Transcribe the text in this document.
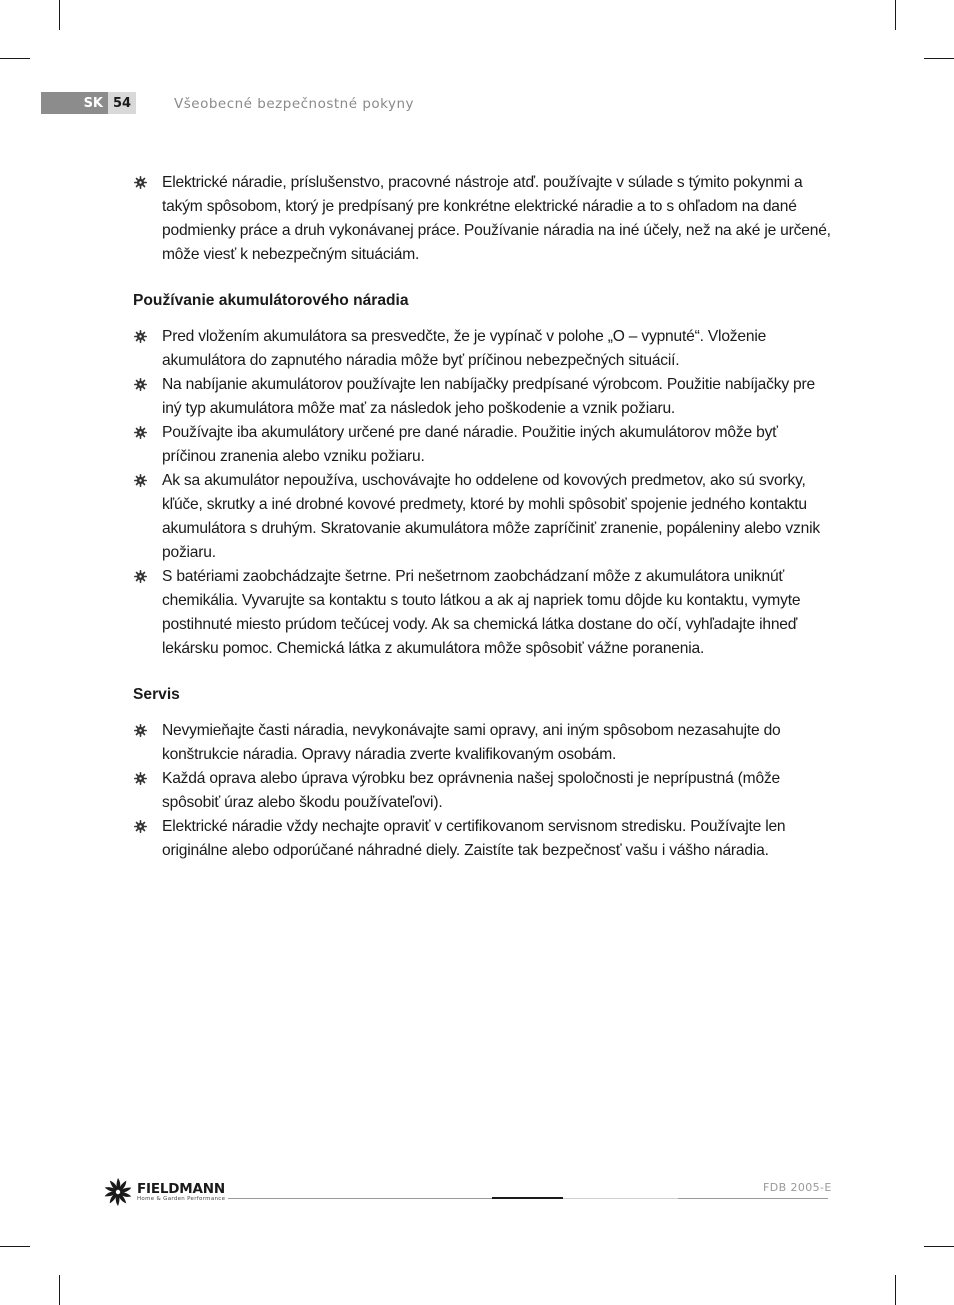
SK 54	Všeobecné bezpečnostné pokyny
Elektrické náradie, príslušenstvo, pracovné nástroje atď. používajte v súlade s týmito pokynmi a takým spôsobom, ktorý je predpísaný pre konkrétne elektrické náradie a to s ohľadom na dané podmienky práce a druh vykonávanej práce. Používanie náradia na iné účely, než na aké je určené, môže viesť k nebezpečným situáciám.
Používanie akumulátorového náradia
Pred vložením akumulátora sa presvedčte, že je vypínač v polohe „O – vypnuté“. Vloženie akumulátora do zapnutého náradia môže byť príčinou nebezpečných situácií.
Na nabíjanie akumulátorov používajte len nabíjačky predpísané výrobcom. Použitie nabíjačky pre iný typ akumulátora môže mať za následok jeho poškodenie a vznik požiaru.
Používajte iba akumulátory určené pre dané náradie. Použitie iných akumulátorov môže byť príčinou zranenia alebo vzniku požiaru.
Ak sa akumulátor nepoužíva, uschovávajte ho oddelene od kovových predmetov, ako sú svorky, kľúče, skrutky a iné drobné kovové predmety, ktoré by mohli spôsobiť spojenie jedného kontaktu akumulátora s druhým. Skratovanie akumulátora môže zapríčiniť zranenie, popáleniny alebo vznik požiaru.
S batériami zaobchádzajte šetrne. Pri nešetrnom zaobchádzaní môže z akumulátora uniknúť chemikália. Vyvarujte sa kontaktu s touto látkou a ak aj napriek tomu dôjde ku kontaktu, vymyte postihnuté miesto prúdom tečúcej vody. Ak sa chemická látka dostane do očí, vyhľadajte ihneď lekársku pomoc. Chemická látka z akumulátora môže spôsobiť vážne poranenia.
Servis
Nevymieňajte časti náradia, nevykonávajte sami opravy, ani iným spôsobom nezasahujte do konštrukcie náradia. Opravy náradia zverte kvalifikovaným osobám.
Každá oprava alebo úprava výrobku bez oprávnenia našej spoločnosti je neprípustná (môže spôsobiť úraz alebo škodu používateľovi).
Elektrické náradie vždy nechajte opraviť v certifikovanom servisnom stredisku. Používajte len originálne alebo odporúčané náhradné diely. Zaistíte tak bezpečnosť vašu i vášho náradia.
FIELDMANN
Home & Garden Performance
FDB 2005-E
